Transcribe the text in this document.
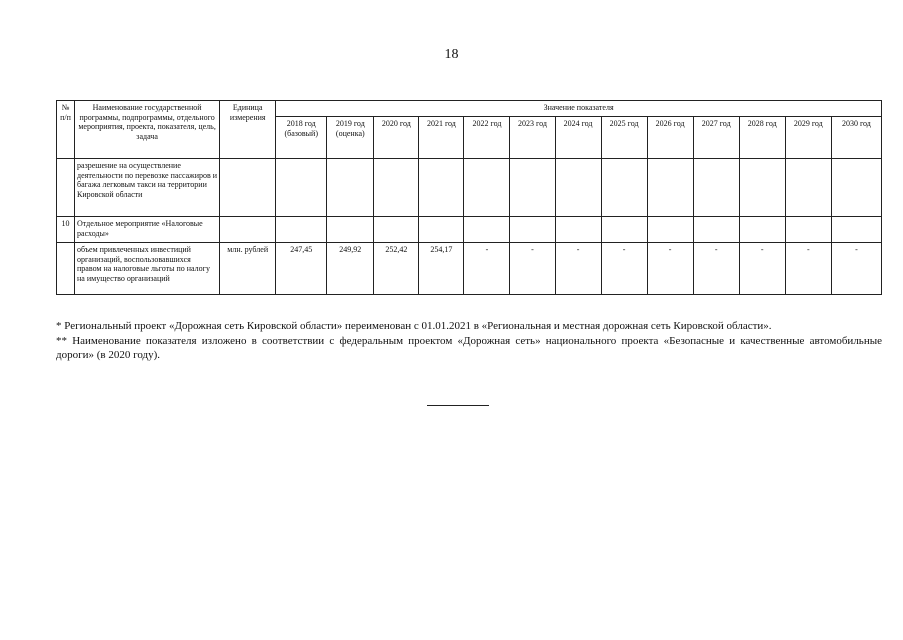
18
№ п/п	Наименование государственной программы, подпрограммы, отдельного мероприятия, проекта, показателя, цель, задача	Единица измерения	Значение показателя												
			2018 год (базовый)	2019 год (оценка)	2020 год	2021 год	2022 год	2023 год	2024 год	2025 год	2026 год	2027 год	2028 год	2029 год	2030 год
	разрешение на осуществление деятельности по перевозке пассажиров и багажа легковым такси на территории Кировской области														
10	Отдельное мероприятие «Налоговые расходы»														
	объем привлеченных инвестиций организаций, воспользовавшихся правом на налоговые льготы по налогу на имущество организаций	млн. рублей	247,45	249,92	252,42	254,17	-	-	-	-	-	-	-	-	-
* Региональный проект «Дорожная сеть Кировской области» переименован с 01.01.2021 в «Региональная и местная дорожная сеть Кировской области».
** Наименование показателя изложено в соответствии с федеральным проектом «Дорожная сеть» национального проекта «Безопасные и качественные автомобильные дороги» (в 2020 году).
